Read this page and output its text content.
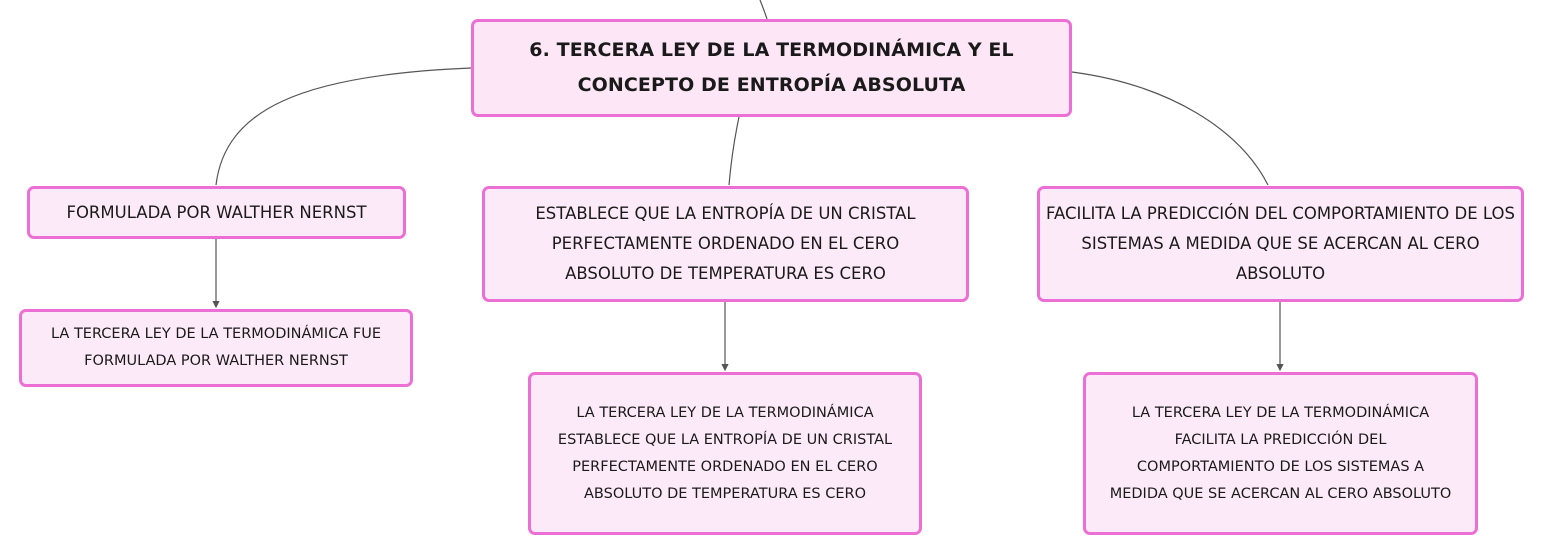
6. TERCERA LEY DE LA TERMODINÁMICA Y EL CONCEPTO DE ENTROPÍA ABSOLUTA
FORMULADA POR WALTHER NERNST	ESTABLECE QUE LA ENTROPÍA DE UN CRISTAL PERFECTAMENTE ORDENADO EN EL CERO ABSOLUTO DE TEMPERATURA ES CERO
FACILITA LA PREDICCIÓN DEL COMPORTAMIENTO DE LOS SISTEMAS A MEDIDA QUE SE ACERCAN AL CERO ABSOLUTO
LA TERCERA LEY DE LA TERMODINÁMICA FUE FORMULADA POR WALTHER NERNST
LA TERCERA LEY DE LA TERMODINÁMICA ESTABLECE QUE LA ENTROPÍA DE UN CRISTAL PERFECTAMENTE ORDENADO EN EL CERO ABSOLUTO DE TEMPERATURA ES CERO
LA TERCERA LEY DE LA TERMODINÁMICA FACILITA LA PREDICCIÓN DEL COMPORTAMIENTO DE LOS SISTEMAS A MEDIDA QUE SE ACERCAN AL CERO ABSOLUTO
